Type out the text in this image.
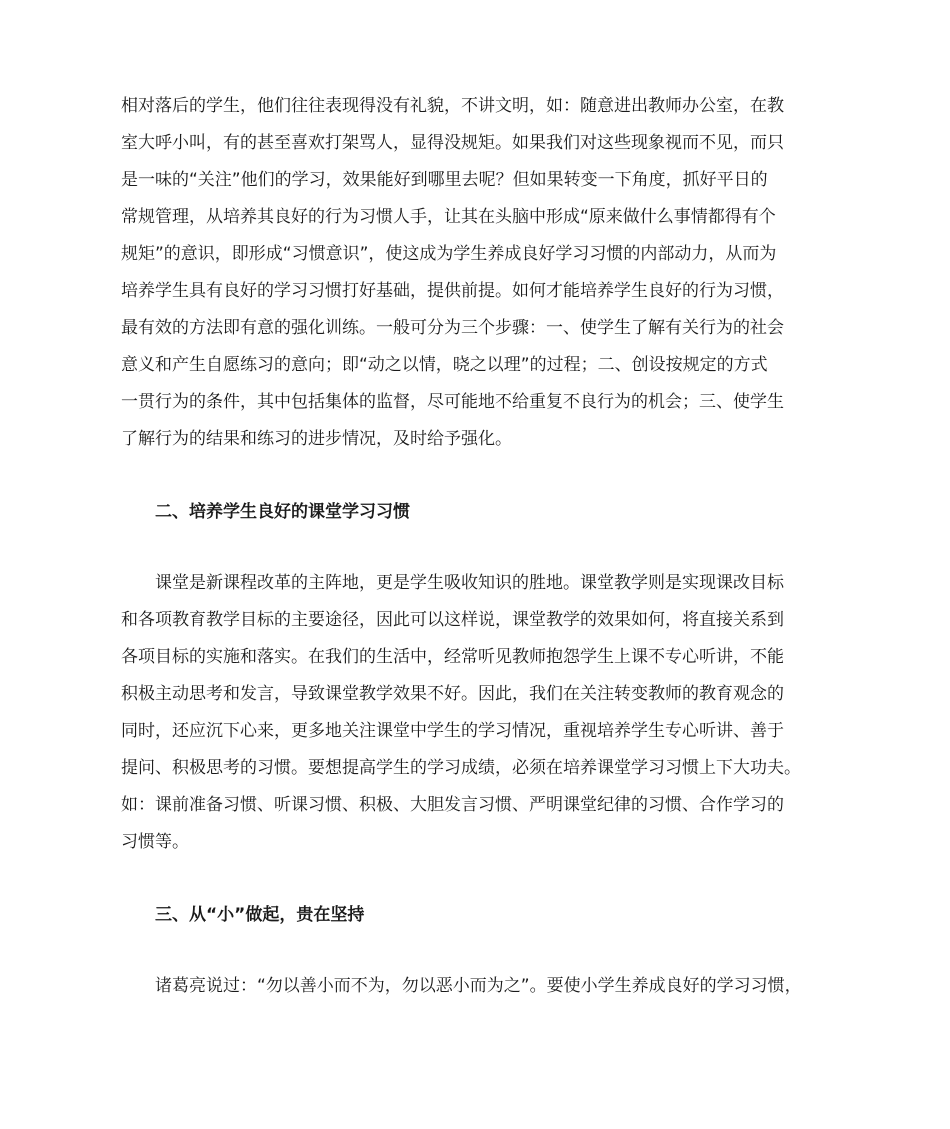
相对落后的学生，他们往往表现得没有礼貌，不讲文明，如：随意进出教师办公室，在教
室大呼小叫，有的甚至喜欢打架骂人，显得没规矩。如果我们对这些现象视而不见，而只
是一味的“关注”他们的学习，效果能好到哪里去呢？但如果转变一下角度，抓好平日的
常规管理，从培养其良好的行为习惯人手，让其在头脑中形成“原来做什么事情都得有个
规矩”的意识，即形成“习惯意识”，使这成为学生养成良好学习习惯的内部动力，从而为
培养学生具有良好的学习习惯打好基础，提供前提。如何才能培养学生良好的行为习惯，
最有效的方法即有意的强化训练。一般可分为三个步骤：一、使学生了解有关行为的社会
意义和产生自愿练习的意向；即“动之以情，晓之以理”的过程；二、创设按规定的方式
一贯行为的条件，其中包括集体的监督，尽可能地不给重复不良行为的机会；三、使学生
了解行为的结果和练习的进步情况，及时给予强化。
二、培养学生良好的课堂学习习惯
课堂是新课程改革的主阵地，更是学生吸收知识的胜地。课堂教学则是实现课改目标
和各项教育教学目标的主要途径，因此可以这样说，课堂教学的效果如何，将直接关系到
各项目标的实施和落实。在我们的生活中，经常听见教师抱怨学生上课不专心听讲，不能
积极主动思考和发言，导致课堂教学效果不好。因此，我们在关注转变教师的教育观念的
同时，还应沉下心来，更多地关注课堂中学生的学习情况，重视培养学生专心听讲、善于
提问、积极思考的习惯。要想提高学生的学习成绩，必须在培养课堂学习习惯上下大功夫。
如：课前准备习惯、听课习惯、积极、大胆发言习惯、严明课堂纪律的习惯、合作学习的
习惯等。
三、从“小”做起，贵在坚持
诸葛亮说过：“勿以善小而不为，勿以恶小而为之”。要使小学生养成良好的学习习惯，
